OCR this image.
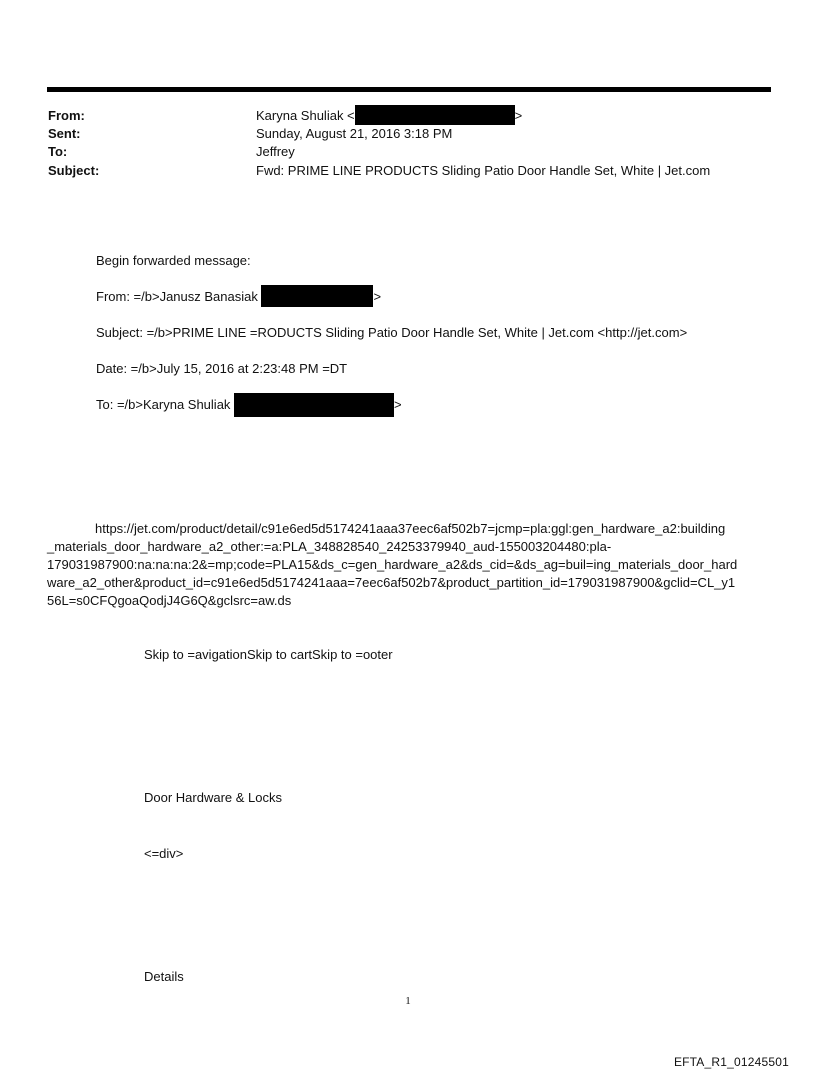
From:	Karyna Shuliak <	>
Sent:	Sunday, August 21, 2016 3:18 PM
To:	Jeffrey
Subject:	Fwd: PRIME LINE PRODUCTS Sliding Patio Door Handle Set, White | Jet.com
Begin forwarded message:
From: =/b>Janusz Banasiak	>
Subject: =/b>PRIME LINE =RODUCTS Sliding Patio Door Handle Set, White | Jet.com <http://jet.com>
Date: =/b>July 15, 2016 at 2:23:48 PM =DT
To: =/b>Karyna Shuliak	>
https://jet.com/product/detail/c91e6ed5d5174241aaa37eec6af502b7=jcmp=pla:ggl:gen_hardware_a2:building
_materials_door_hardware_a2_other:=a:PLA_348828540_24253379940_aud-155003204480:pla-
179031987900:na:na:na:2&=mp;code=PLA15&ds_c=gen_hardware_a2&ds_cid=&ds_ag=buil=ing_materials_door_hard
ware_a2_other&product_id=c91e6ed5d5174241aaa=7eec6af502b7&product_partition_id=179031987900&gclid=CL_y1
56L=s0CFQgoaQodjJ4G6Q&gclsrc=aw.ds
Skip to =avigationSkip to cartSkip to =ooter
Door Hardware & Locks
<=div>
Details
1
EFTA_R1_01245501
